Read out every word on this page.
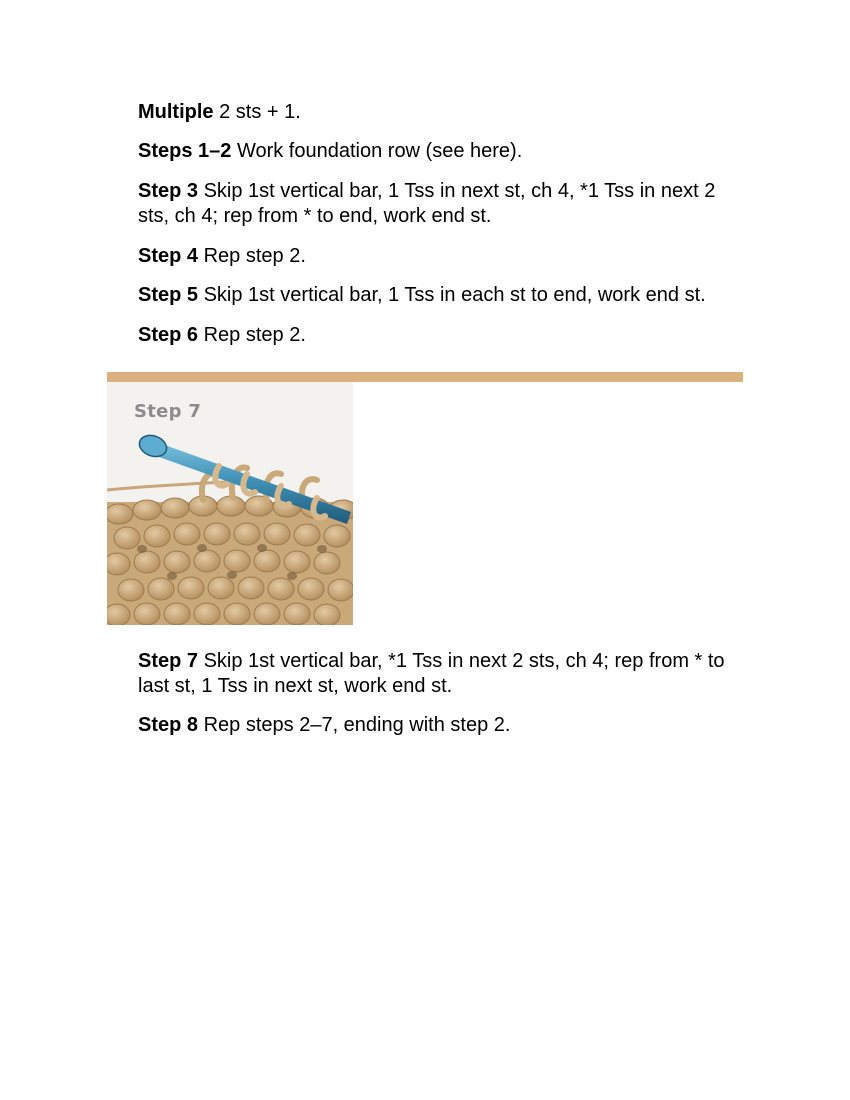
Multiple 2 sts + 1.

Steps 1–2 Work foundation row (see here).

Step 3 Skip 1st vertical bar, 1 Tss in next st, ch 4, *1 Tss in next 2 sts, ch 4; rep from * to end, work end st.

Step 4 Rep step 2.

Step 5 Skip 1st vertical bar, 1 Tss in each st to end, work end st.

Step 6 Rep step 2.

Step 7

Step 7 Skip 1st vertical bar, *1 Tss in next 2 sts, ch 4; rep from * to last st, 1 Tss in next st, work end st.

Step 8 Rep steps 2–7, ending with step 2.
